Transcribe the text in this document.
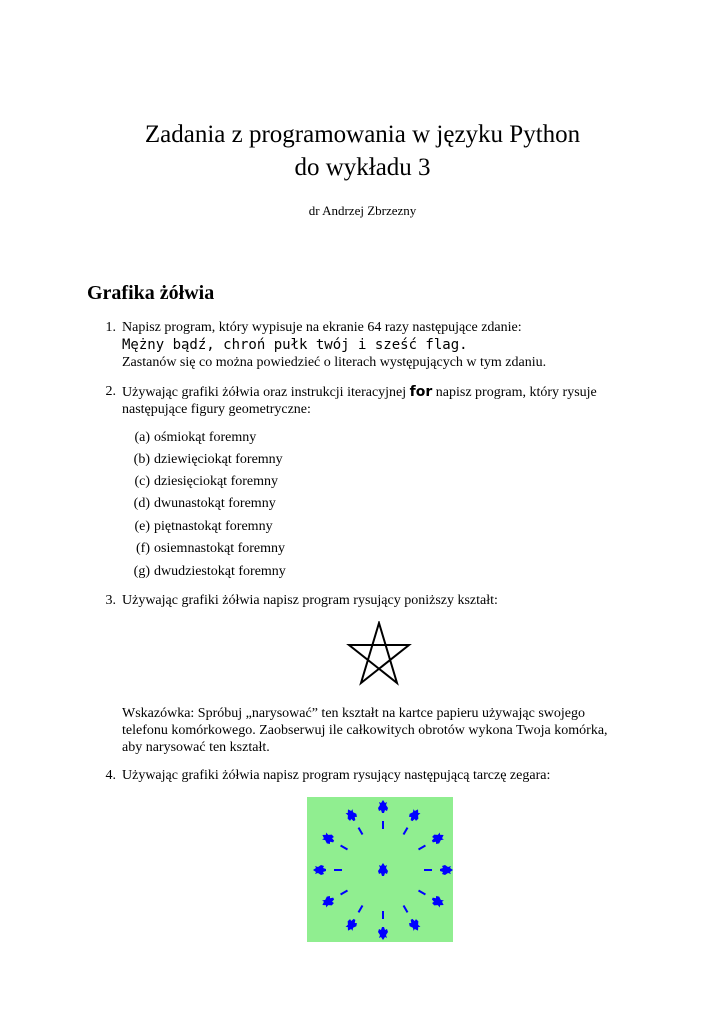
Zadania z programowania w języku Python
do wykładu 3
dr Andrzej Zbrzezny
Grafika żółwia
1. Napisz program, który wypisuje na ekranie 64 razy następujące zdanie:
Mężny bądź, chroń pułk twój i sześć flag.
Zastanów się co można powiedzieć o literach występujących w tym zdaniu.
2. Używając grafiki żółwia oraz instrukcji iteracyjnej for napisz program, który rysuje
następujące figury geometryczne:
(a) ośmiokąt foremny
(b) dziewięciokąt foremny
(c) dziesięciokąt foremny
(d) dwunastokąt foremny
(e) piętnastokąt foremny
(f) osiemnastokąt foremny
(g) dwudziestokąt foremny
3. Używając grafiki żółwia napisz program rysujący poniższy kształt:
Wskazówka: Spróbuj „narysować” ten kształt na kartce papieru używając swojego
telefonu komórkowego. Zaobserwuj ile całkowitych obrotów wykona Twoja komórka,
aby narysować ten kształt.
4. Używając grafiki żółwia napisz program rysujący następującą tarczę zegara:
